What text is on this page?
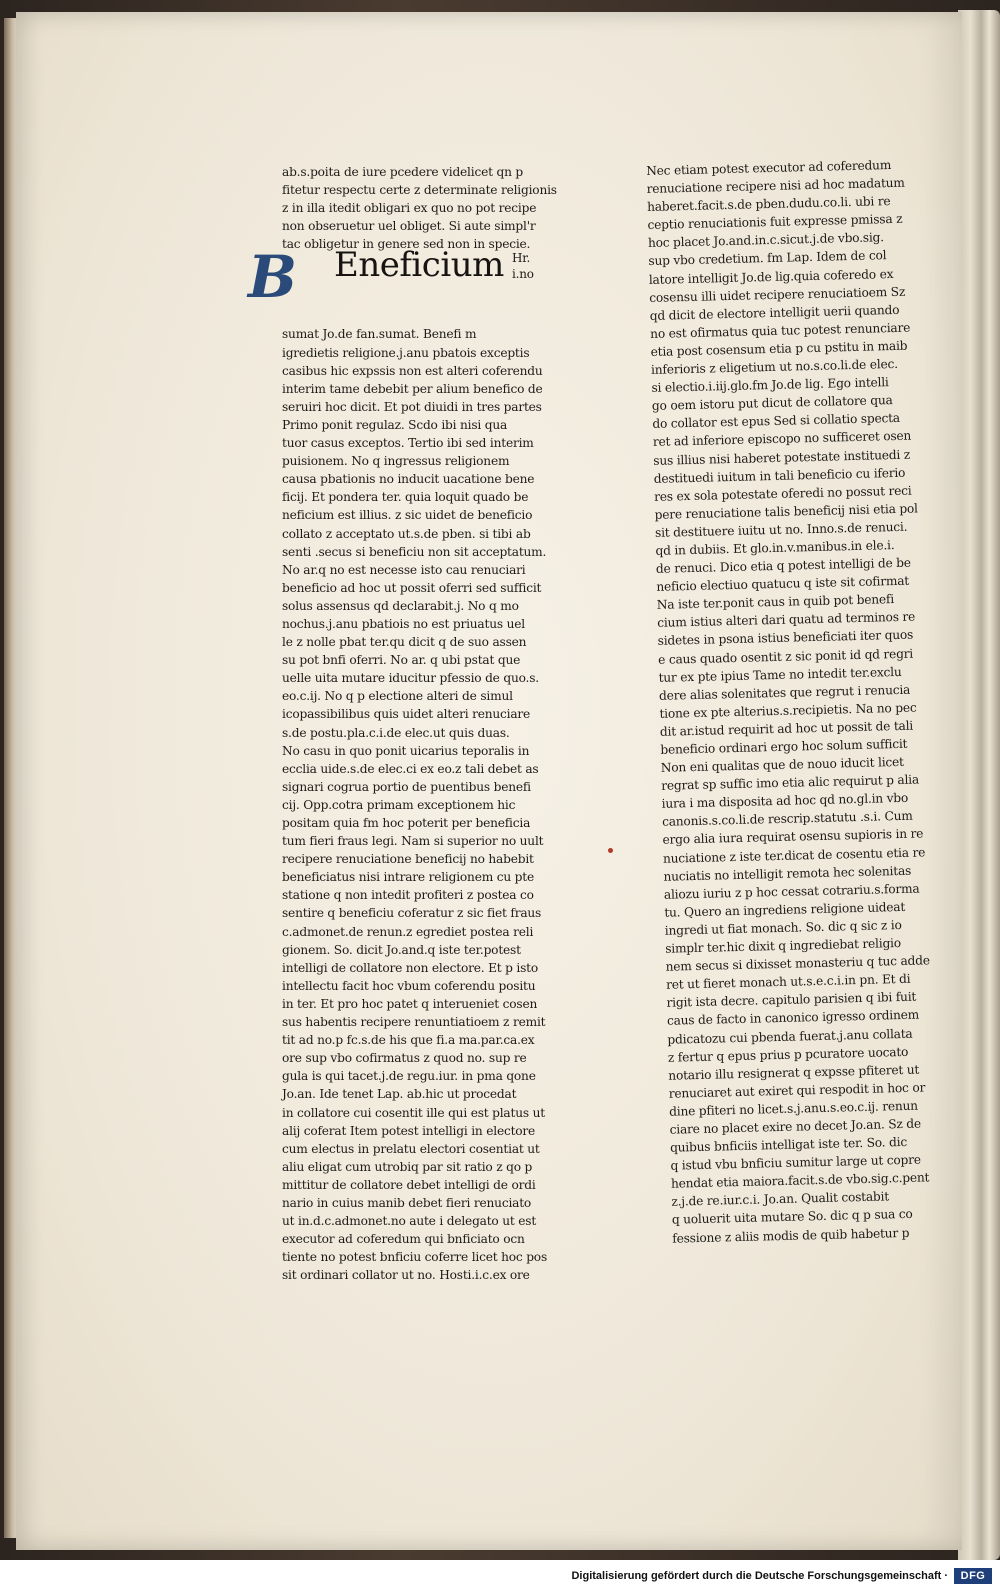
ab.s.poita de iure pcedere videlicet qn p
fitetur respectu certe z determinate religionis
z in illa itedit obligari ex quo no pot recipe
non obseruetur uel obliget. Si aute simpl'r
tac obligetur in genere sed non in specie.
B Eneficium Hr.
i.no
sumat Jo.de fan.sumat. Benefi m
igredietis religione.j.anu pbatois exceptis
casibus hic expssis non est alteri coferendu
interim tame debebit per alium benefico de
seruiri hoc dicit. Et pot diuidi in tres partes
Primo ponit regulaz. Scdo ibi nisi qua
tuor casus exceptos. Tertio ibi sed interim
puisionem. No q ingressus religionem
causa pbationis no inducit uacatione bene
ficij. Et pondera ter. quia loquit quado be
neficium est illius. z sic uidet de beneficio
collato z acceptato ut.s.de pben. si tibi ab
senti .secus si beneficiu non sit acceptatum.
No ar.q no est necesse isto cau renuciari
beneficio ad hoc ut possit oferri sed sufficit
solus assensus qd declarabit.j. No q mo
nochus.j.anu pbatiois no est priuatus uel
le z nolle pbat ter.qu dicit q de suo assen
su pot bnfi oferri. No ar. q ubi pstat que
uelle uita mutare iducitur pfessio de quo.s.
eo.c.ij. No q p electione alteri de simul
icopassibilibus quis uidet alteri renuciare
s.de postu.pla.c.i.de elec.ut quis duas.
No casu in quo ponit uicarius teporalis in
ecclia uide.s.de elec.ci ex eo.z tali debet as
signari cogrua portio de puentibus benefi
cij. Opp.cotra primam exceptionem hic
positam quia fm hoc poterit per beneficia
tum fieri fraus legi. Nam si superior no uult
recipere renuciatione beneficij no habebit
beneficiatus nisi intrare religionem cu pte
statione q non intedit profiteri z postea co
sentire q beneficiu coferatur z sic fiet fraus
c.admonet.de renun.z egrediet postea reli
gionem. So. dicit Jo.and.q iste ter.potest
intelligi de collatore non electore. Et p isto
intellectu facit hoc vbum coferendu positu
in ter. Et pro hoc patet q interueniet cosen
sus habentis recipere renuntiatioem z remit
tit ad no.p fc.s.de his que fi.a ma.par.ca.ex
ore sup vbo cofirmatus z quod no. sup re
gula is qui tacet.j.de regu.iur. in pma qone
Jo.an. Ide tenet Lap. ab.hic ut procedat
in collatore cui cosentit ille qui est platus ut
alij coferat Item potest intelligi in electore
cum electus in prelatu electori cosentiat ut
aliu eligat cum utrobiq par sit ratio z qo p
mittitur de collatore debet intelligi de ordi
nario in cuius manib debet fieri renuciato
ut in.d.c.admonet.no aute i delegato ut est
executor ad coferedum qui bnficiato ocn
tiente no potest bnficiu coferre licet hoc pos
sit ordinari collator ut no. Hosti.i.c.ex ore
Nec etiam potest executor ad coferedum
renuciatione recipere nisi ad hoc madatum
haberet.facit.s.de pben.dudu.co.li. ubi re
ceptio renuciationis fuit expresse pmissa z
hoc placet Jo.and.in.c.sicut.j.de vbo.sig.
sup vbo credetium. fm Lap. Idem de col
latore intelligit Jo.de lig.quia coferedo ex
cosensu illi uidet recipere renuciatioem Sz
qd dicit de electore intelligit uerii quando
no est ofirmatus quia tuc potest renunciare
etia post cosensum etia p cu pstitu in maib
inferioris z eligetium ut no.s.co.li.de elec.
si electio.i.iij.glo.fm Jo.de lig. Ego intelli
go oem istoru put dicut de collatore qua
do collator est epus Sed si collatio specta
ret ad inferiore episcopo no sufficeret osen
sus illius nisi haberet potestate instituedi z
destituedi iuitum in tali beneficio cu iferio
res ex sola potestate oferedi no possut reci
pere renuciatione talis beneficij nisi etia pol
sit destituere iuitu ut no. Inno.s.de renuci.
qd in dubiis. Et glo.in.v.manibus.in ele.i.
de renuci. Dico etia q potest intelligi de be
neficio electiuo quatucu q iste sit cofirmat
Na iste ter.ponit caus in quib pot benefi
cium istius alteri dari quatu ad terminos re
sidetes in psona istius beneficiati iter quos
e caus quado osentit z sic ponit id qd regri
tur ex pte ipius Tame no intedit ter.exclu
dere alias solenitates que regrut i renucia
tione ex pte alterius.s.recipietis. Na no pec
dit ar.istud requirit ad hoc ut possit de tali
beneficio ordinari ergo hoc solum sufficit
Non eni qualitas que de nouo iducit licet
regrat sp suffic imo etia alic requirut p alia
iura i ma disposita ad hoc qd no.gl.in vbo
canonis.s.co.li.de rescrip.statutu .s.i. Cum
ergo alia iura requirat osensu supioris in re
nuciatione z iste ter.dicat de cosentu etia re
nuciatis no intelligit remota hec solenitas
aliozu iuriu z p hoc cessat cotrariu.s.forma
tu. Quero an ingrediens religione uideat
ingredi ut fiat monach. So. dic q sic z io
simplr ter.hic dixit q ingrediebat religio
nem secus si dixisset monasteriu q tuc adde
ret ut fieret monach ut.s.e.c.i.in pn. Et di
rigit ista decre. capitulo parisien q ibi fuit
caus de facto in canonico igresso ordinem
pdicatozu cui pbenda fuerat.j.anu collata
z fertur q epus prius p pcuratore uocato
notario illu resignerat q expsse pfiteret ut
renuciaret aut exiret qui respodit in hoc or
dine pfiteri no licet.s.j.anu.s.eo.c.ij. renun
ciare no placet exire no decet Jo.an. Sz de
quibus bnficiis intelligat iste ter. So. dic
q istud vbu bnficiu sumitur large ut copre
hendat etia maiora.facit.s.de vbo.sig.c.pent
z.j.de re.iur.c.i. Jo.an. Qualit costabit
q uoluerit uita mutare So. dic q p sua co
fessione z aliis modis de quib habetur p
Digitalisierung gefördert durch die Deutsche Forschungsgemeinschaft ·	DFG
